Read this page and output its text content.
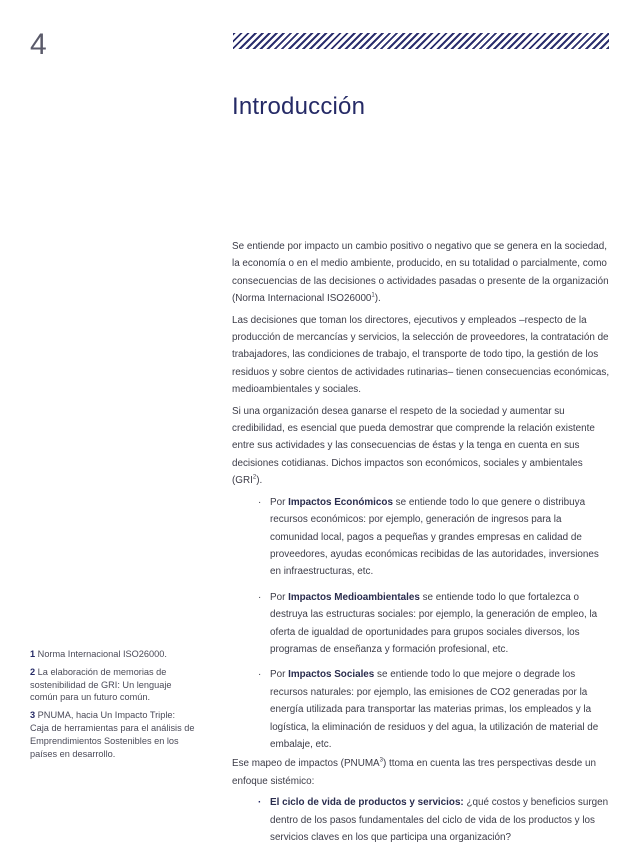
4
Introducción

Se entiende por impacto un cambio positivo o negativo que se genera en la sociedad, la economía o en el medio ambiente, producido, en su totalidad o parcialmente, como consecuencias de las decisiones o actividades pasadas o presente de la organización (Norma Internacional ISO26000$^1$).

Las decisiones que toman los directores, ejecutivos y empleados –respecto de la producción de mercancías y servicios, la selección de proveedores, la contratación de trabajadores, las condiciones de trabajo, el transporte de todo tipo, la gestión de los residuos y sobre cientos de actividades rutinarias– tienen consecuencias económicas, medioambientales y sociales.

Si una organización desea ganarse el respeto de la sociedad y aumentar su credibilidad, es esencial que pueda demostrar que comprende la relación existente entre sus actividades y las consecuencias de éstas y la tenga en cuenta en sus decisiones cotidianas. Dichos impactos son económicos, sociales y ambientales (GRI$^2$).

· Por Impactos Económicos se entiende todo lo que genere o distribuya recursos económicos: por ejemplo, generación de ingresos para la comunidad local, pagos a pequeñas y grandes empresas en calidad de proveedores, ayudas económicas recibidas de las autoridades, inversiones en infraestructuras, etc.
· Por Impactos Medioambientales se entiende todo lo que fortalezca o destruya las estructuras sociales: por ejemplo, la generación de empleo, la oferta de igualdad de oportunidades para grupos sociales diversos, los programas de enseñanza y formación profesional, etc.
· Por Impactos Sociales se entiende todo lo que mejore o degrade los recursos naturales: por ejemplo, las emisiones de CO2 generadas por la energía utilizada para transportar las materias primas, los empleados y la logística, la eliminación de residuos y del agua, la utilización de material de embalaje, etc.

Ese mapeo de impactos (PNUMA$^3$) ttoma en cuenta las tres perspectivas desde un enfoque sistémico:

· El ciclo de vida de productos y servicios: ¿qué costos y beneficios surgen dentro de los pasos fundamentales del ciclo de vida de los productos y los servicios claves en los que participa una organización?

1 Norma Internacional ISO26000.

2 La elaboración de memorias de sostenibilidad de GRI: Un lenguaje común para un futuro común.

3 PNUMA, hacia Un Impacto Triple: Caja de herramientas para el análisis de Emprendimientos Sostenibles en los países en desarrollo.
